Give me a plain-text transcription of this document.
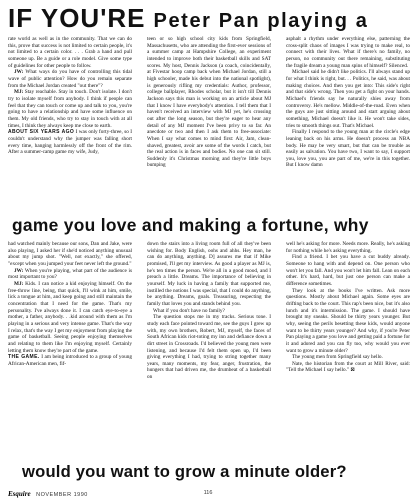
IF YOU'RE Peter Pan playing a

rate world as well as in the community. That we can do this, prove that success is not limited to certain people, it's not limited to a certain color. . . . Grab a hand and pull someone up. Be a guide or a role model. Give some type of guidelines for other people to follow.

JW: What ways do you have of controlling this tidal wave of public attention? How do you remain separate from the Michael Jordan created "out there"?

MJ: Stay reachable. Stay in touch. Don't isolate. I don't try to isolate myself from anybody. I think if people can feel that they can touch or come up and talk to you, you're going to have a relationship and have some influence on them. My old friends, who try to stay in touch with at all times, I think they always keep me close to earth.

ABOUT SIX YEARS AGO I was only forty-three, so I couldn't understand why the jumper was falling short every time, hanging harmlessly off the front of the rim. After a summer-camp game my wife, Judy,

teen or so high school city kids from Springfield, Massachusetts, who are attending the first-ever sessions of a summer camp at Hampshire College, an experiment intended to improve both their basketball skills and SAT scores. My host, Dennis Jackson (a coach, coincidentally, at Fivestar hoop camp back when Michael Jordan, still a high schooler, made his debut into the national spotlight), is generously rifling my credentials: Author, professor, college ballplayer, Rhodes scholar, but it isn't till Dennis Jackson says this man is working on an article about MJ that I know I have everybody's attention. I tell them that I haven't received an interview with MJ yet, he's crossing out after the long season, but they're eager to hear any detail of any MJ moment I've been privy to so far. An anecdote or two and then I ask them to free-associate: When I say what comes to mind first: Air, Jam, clean-shaved, greatest, avoir are some of the words I catch, but the real action is in faces and bodies. No one can sit still. Suddenly it's Christmas morning and they're little boys bumping

asphalt a rhythm under everything else, patterning the cross-split chaos of images I was trying to make real, to connect with their lives. What if there's no family, no person, no community out there remaining, substituting the fragile dream a young man spins of himself? Silenced.

Michael said he didn't like politics. I'll always stand up for what I think is right, but. . . Politics, he said, was about making choices. And then you get into: This side's right and that side's wrong. Then you get a fight on your hands. Michael's friends say he naturally shies away from controversy. He's mellow. Middle-of-the-road. Even when the guys are just sitting around and start arguing about something, Michael doesn't like it. He won't take sides, tries to smooth things out. That's Michael.

Finally I respond to the young man at the circle's edge leaning back on his arms. He doesn't process an NBA body. He may be very smart, but that can be trouble as easily as salvation. You have two, I want to say, I support you, love you, you are part of me, we're in this together. But I know damn

game you love and making a fortune, why

had watched mainly because our sons, Dan and Jake, were also playing, I asked her if she'd noticed anything unusual about my jump shot. "Well, not exactly," she offered, "except when you jumped your feet never left the ground."

JW: When you're playing, what part of the audience is most important to you?

MJ: Kids. I can notice a kid enjoying himself. On the free-throw line, being, that quick, I'll wink at him, smile, lick a tongue at him, and keep going and still maintain the concentration that I need for the game. That's my personality. I've always done it. I can catch eye-to-eye a mother, a father, anybody. . .kid around with them as I'm playing in a serious and very intense game. That's the way I relax, that's the way I get my enjoyment from playing the game of basketball. Seeing people enjoying themselves and relating to them like I'm enjoying myself. Certainly letting them know they're part of the game.

THE GAME. I am being introduced to a group of young African-American men, fif-

down the stairs into a living room full of all they've been wishing for. Body English, oohs and ahhs. Hey man, he can do anything, anything. D] assures me that if Mike promised, I'll get my interview. As good a player as MJ is, he's ten times the person. We're all in a good mood, and I preach a little. Dreams. The importance of believing in yourself. My luck in having a family that supported me, instilled the notions I was special, that I could do anything, be anything. Dreams, goals. Treasuring, respecting the family that loves you and stands behind you.

What if you don't have no family?

The question stops me in my tracks. Serious tone. I study each face pointed toward me, see the guys I grew up with, my own brothers, Robert, MJ, myself, the faces of South African kids riot-toting my inn and defiance down a dirt street in Crossroads. I'd believed the young men were listening, and because I'd felt them open up, I'd been giving everything I had, trying to string together many years, many moments, my fear, anger, frustration, the hungers that had driven me, the drumbeat of a basketball on

well he's asking for more. Needs more. Really, he's asking for nothing while he's asking everything.

Find a friend. I bet you have a cut buddy already. Someone to hang with and depend on. One person who won't let you fall. And you won't let him fall. Lean on each other. It's hard, hard, but just one person can make a difference sometimes.

They look at the books I've written. Ask more questions. Mostly about Michael again. Some eyes are drifting back to the court. This rap's been nice, but it's also lunch and it's intermission. The game. I should have brought my sneaks. Should be thirty years younger. But why, seeing the perils besetting these kids, would anyone want to be thirty years younger? And why, if you're Peter Pan playing a game you love and getting paid a fortune for it and adored and you can fly too, why would you ever want to grow a minute older?

The young men from Springfield say hello.

Nate, the historian from the court at Mill River, said: "Tell the Michael I say hello." ⊠

would you want to grow a minute older?
Esquire NOVEMBER 1990	116
